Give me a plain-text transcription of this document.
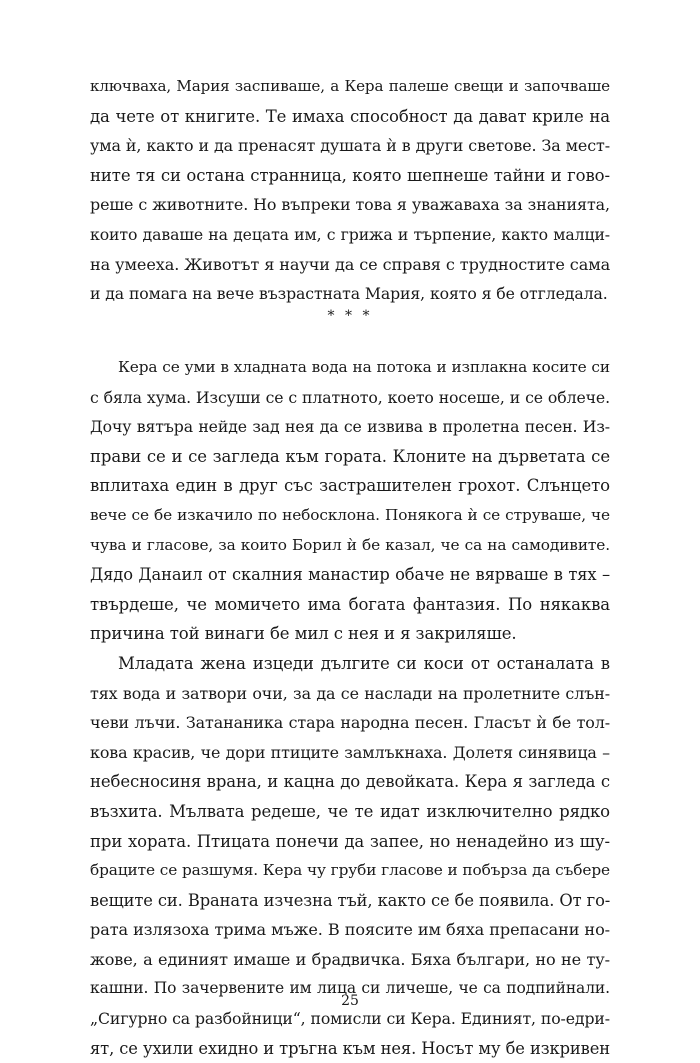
ключваха, Мария заспиваше, а Кера палеше свещи и започваше
да чете от книгите. Те имаха способност да дават криле на
ума ѝ, както и да пренасят душата ѝ в други светове. За мест-
ните тя си остана странница, която шепнеше тайни и гово-
реше с животните. Но въпреки това я уважаваха за знанията,
които даваше на децата им, с грижа и търпение, както малци-
на умееха. Животът я научи да се справя с трудностите сама
и да помага на вече възрастната Мария, която я бе отгледала.
* * *
Кера се уми в хладната вода на потока и изплакна косите си
с бяла хума. Изсуши се с платното, което носеше, и се облече.
Дочу вятъра нейде зад нея да се извива в пролетна песен. Из-
прави се и се загледа към гората. Клоните на дърветата се
вплитаха един в друг със застрашителен грохот. Слънцето
вече се бе изкачило по небосклона. Понякога ѝ се струваше, че
чува и гласове, за които Борил ѝ бе казал, че са на самодивите.
Дядо Данаил от скалния манастир обаче не вярваше в тях –
твърдеше, че момичето има богата фантазия. По някаква
причина той винаги бе мил с нея и я закриляше.
Младата жена изцеди дългите си коси от останалата в
тях вода и затвори очи, за да се наслади на пролетните слън-
чеви лъчи. Затананика стара народна песен. Гласът ѝ бе тол-
кова красив, че дори птиците замлъкнаха. Долетя синявица –
небесносиня врана, и кацна до девойката. Кера я загледа с
възхита. Мълвата редеше, че те идат изключително рядко
при хората. Птицата понечи да запее, но ненадейно из шу-
браците се разшумя. Кера чу груби гласове и побърза да събере
вещите си. Враната изчезна тъй, както се бе появила. От го-
рата излязоха трима мъже. В поясите им бяха препасани но-
жове, а единият имаше и брадвичка. Бяха българи, но не ту-
кашни. По зачервените им лица си личеше, че са подпийнали.
„Сигурно са разбойници“, помисли си Кера. Единият, по-едри-
ят, се ухили ехидно и тръгна към нея. Носът му бе изкривен
25
